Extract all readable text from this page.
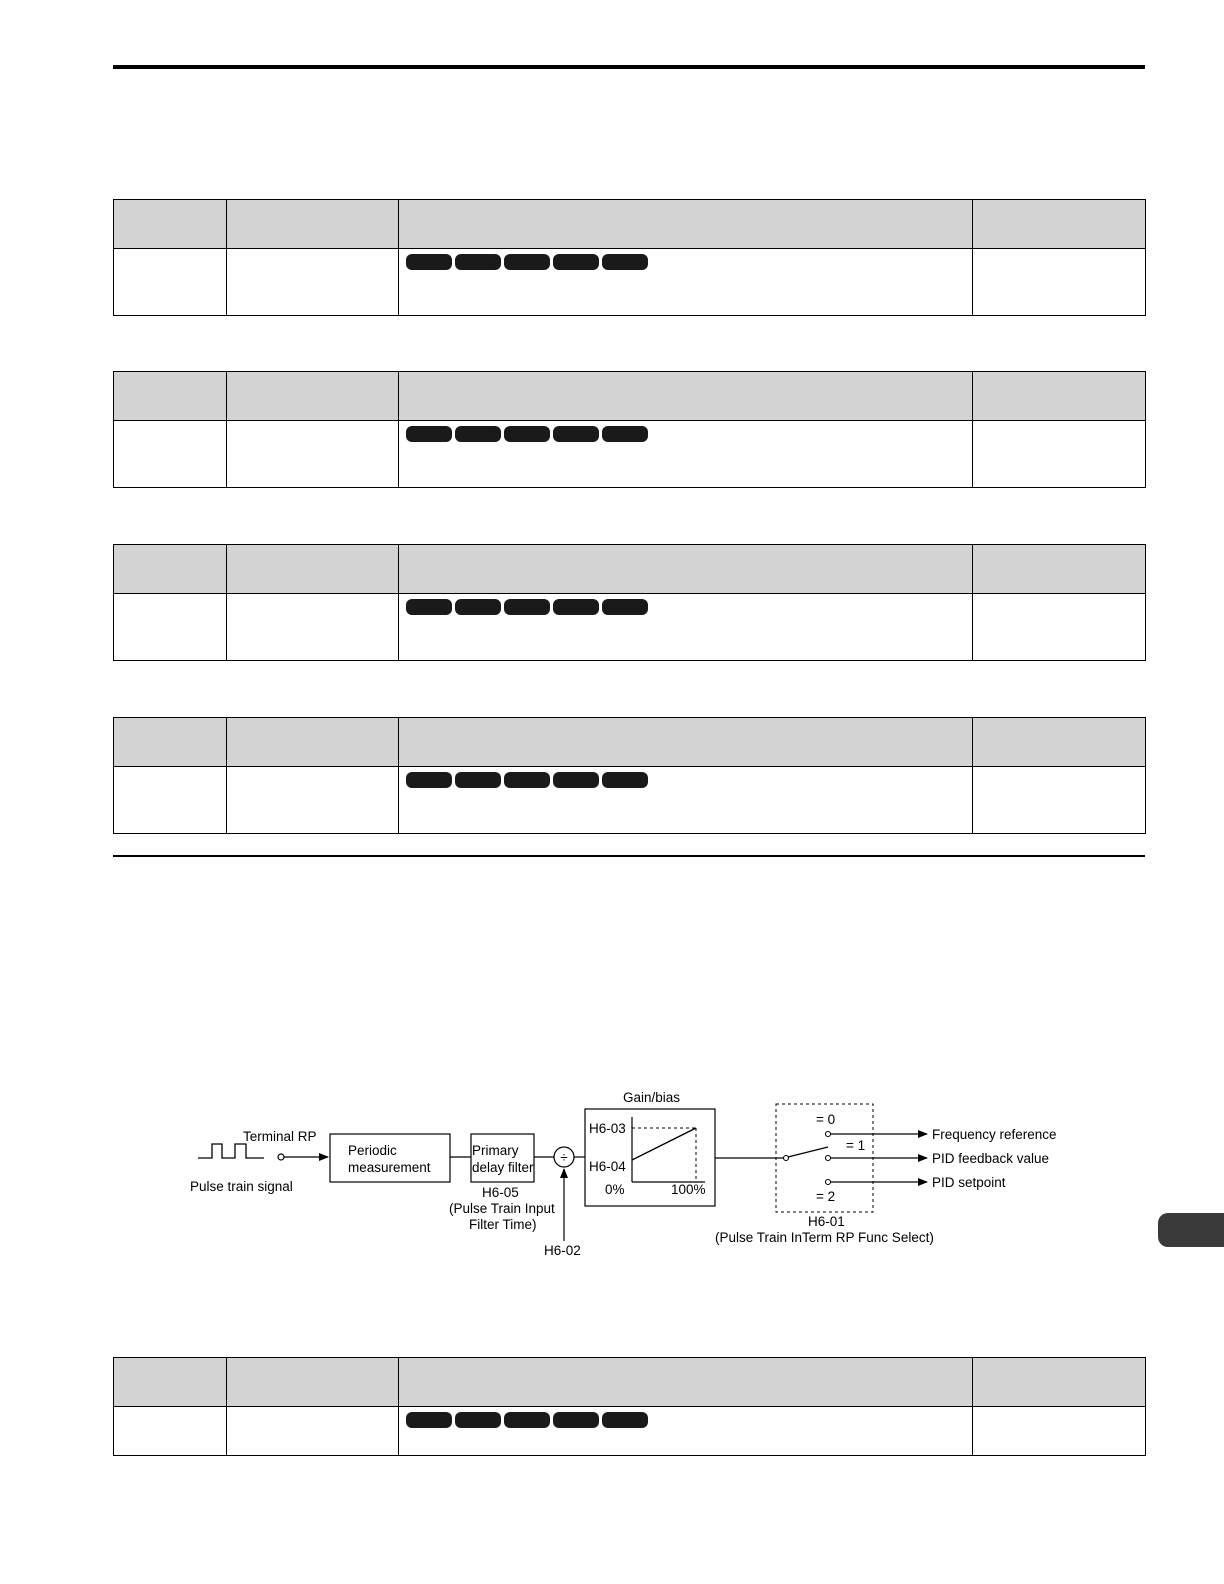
Pulse train signal
Terminal RP
Periodic
measurement
Primary
delay filter
H6-05
(Pulse Train Input
Filter Time)
÷
H6-02
Gain/bias
H6-03
H6-04
0%	100%
= 0
Frequency reference
= 1
PID feedback value
PID setpoint
= 2
H6-01
(Pulse Train InTerm RP Func Select)
